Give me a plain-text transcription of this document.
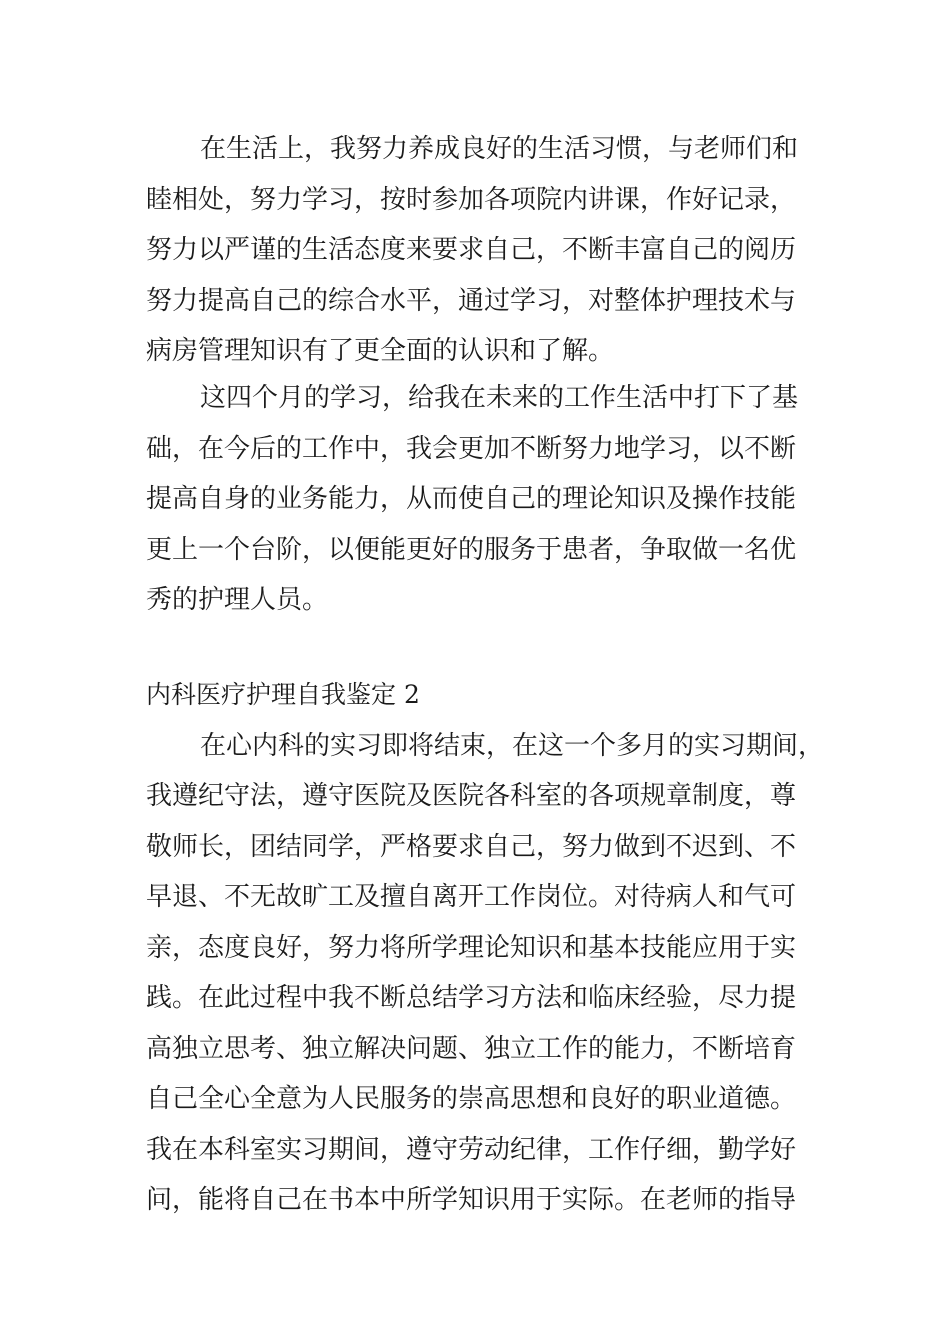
在生活上，我努力养成良好的生活习惯，与老师们和

睦相处，努力学习，按时参加各项院内讲课，作好记录，

努力以严谨的生活态度来要求自己，不断丰富自己的阅历

努力提高自己的综合水平，通过学习，对整体护理技术与

病房管理知识有了更全面的认识和了解。

这四个月的学习，给我在未来的工作生活中打下了基

础，在今后的工作中，我会更加不断努力地学习，以不断

提高自身的业务能力，从而使自己的理论知识及操作技能

更上一个台阶，以便能更好的服务于患者，争取做一名优

秀的护理人员。

内科医疗护理自我鉴定 2

在心内科的实习即将结束，在这一个多月的实习期间，

我遵纪守法，遵守医院及医院各科室的各项规章制度，尊

敬师长，团结同学，严格要求自己，努力做到不迟到、不

早退、不无故旷工及擅自离开工作岗位。对待病人和气可

亲，态度良好，努力将所学理论知识和基本技能应用于实

践。在此过程中我不断总结学习方法和临床经验，尽力提

高独立思考、独立解决问题、独立工作的能力，不断培育

自己全心全意为人民服务的崇高思想和良好的职业道德。

我在本科室实习期间，遵守劳动纪律，工作仔细，勤学好

问，能将自己在书本中所学知识用于实际。在老师的指导
